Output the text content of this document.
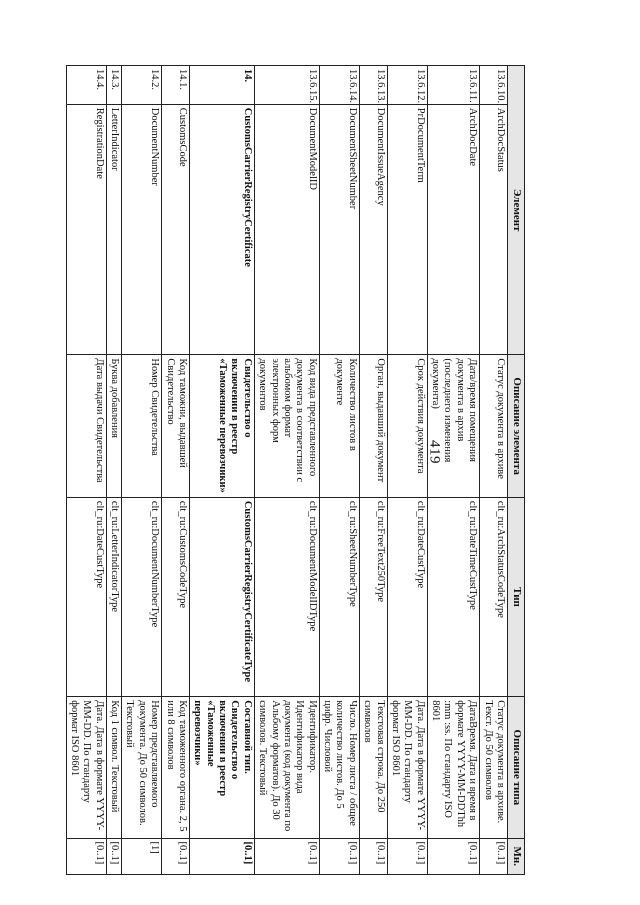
419
Элемент		Описание элемента	Тип	Описание типа	Мн.
13.6.10.	ArchDocStatus	Статус документа в архиве	clt_ru:ArchStatusCodeType	Статус документа в архиве. Текст. До 50 символов	[0..1]
13.6.11.	ArchDocDate	Дата/время помещения документа в архив (последнего изменения документа)	clt_ru:DateTimeCustType	ДатаВремя. Дата и время в формате YYYY-MM-DDThh :mm :ss. По стандарту ISO 8601	[0..1]
13.6.12.	PrDocumentTerm	Срок действия документа	clt_ru:DateCustType	Дата. Дата в формате YYYY-MM-DD. По стандарту формат ISO 8601	[0..1]
13.6.13.	DocumentIssueAgency	Орган, выдавший документ	clt_ru:FreeText250Type	Текстовая строка. До 250 символов	[0..1]
13.6.14.	DocumentSheetNumber	Количество листов в документе	clt_ru:SheetNumberType	Число. Номер листа / общее количество листов. До 5 цифр. Числовой	[0..1]
13.6.15.	DocumentModelID	Код вида представленного документа в соответствии с альбомом формат электронных форм документов	clt_ru:DocumentModelIDType	Идентификатор. Идентификатор вида документа (код документа по Альбому форматов). До 30 символов. Текстовый	[0..1]
14.	CustomsCarrierRegistryCertificate	Свидетельство о включении в реестр «Таможенные перевозчики»	CustomsCarrierRegistryCertificateType	Составной тип. Свидетельство о включении в реестр «Таможенные перевозчики»	[0..1]
14.1.	CustomsCode	Код таможни, выдавшей Свидетельство	clt_ru:CustomsCodeType	Код таможенного органа. 2, 5 или 8 символов	[0..1]
14.2.	DocumentNumber	Номер Свидетельства	clt_ru:DocumentNumberType	Номер представляемого документа. До 50 символов. Текстовый	[1]
14.3.	LetterIndicator	Буква добавления	clt_ru:LetterIndicatorType	Код 1 символ. Текстовый	[0..1]
14.4.	RegistrationDate	Дата выдачи Свидетельства	clt_ru:DateCustType	Дата. Дата в формате YYYY-MM-DD. По стандарту формат ISO 8601	[0..1]
